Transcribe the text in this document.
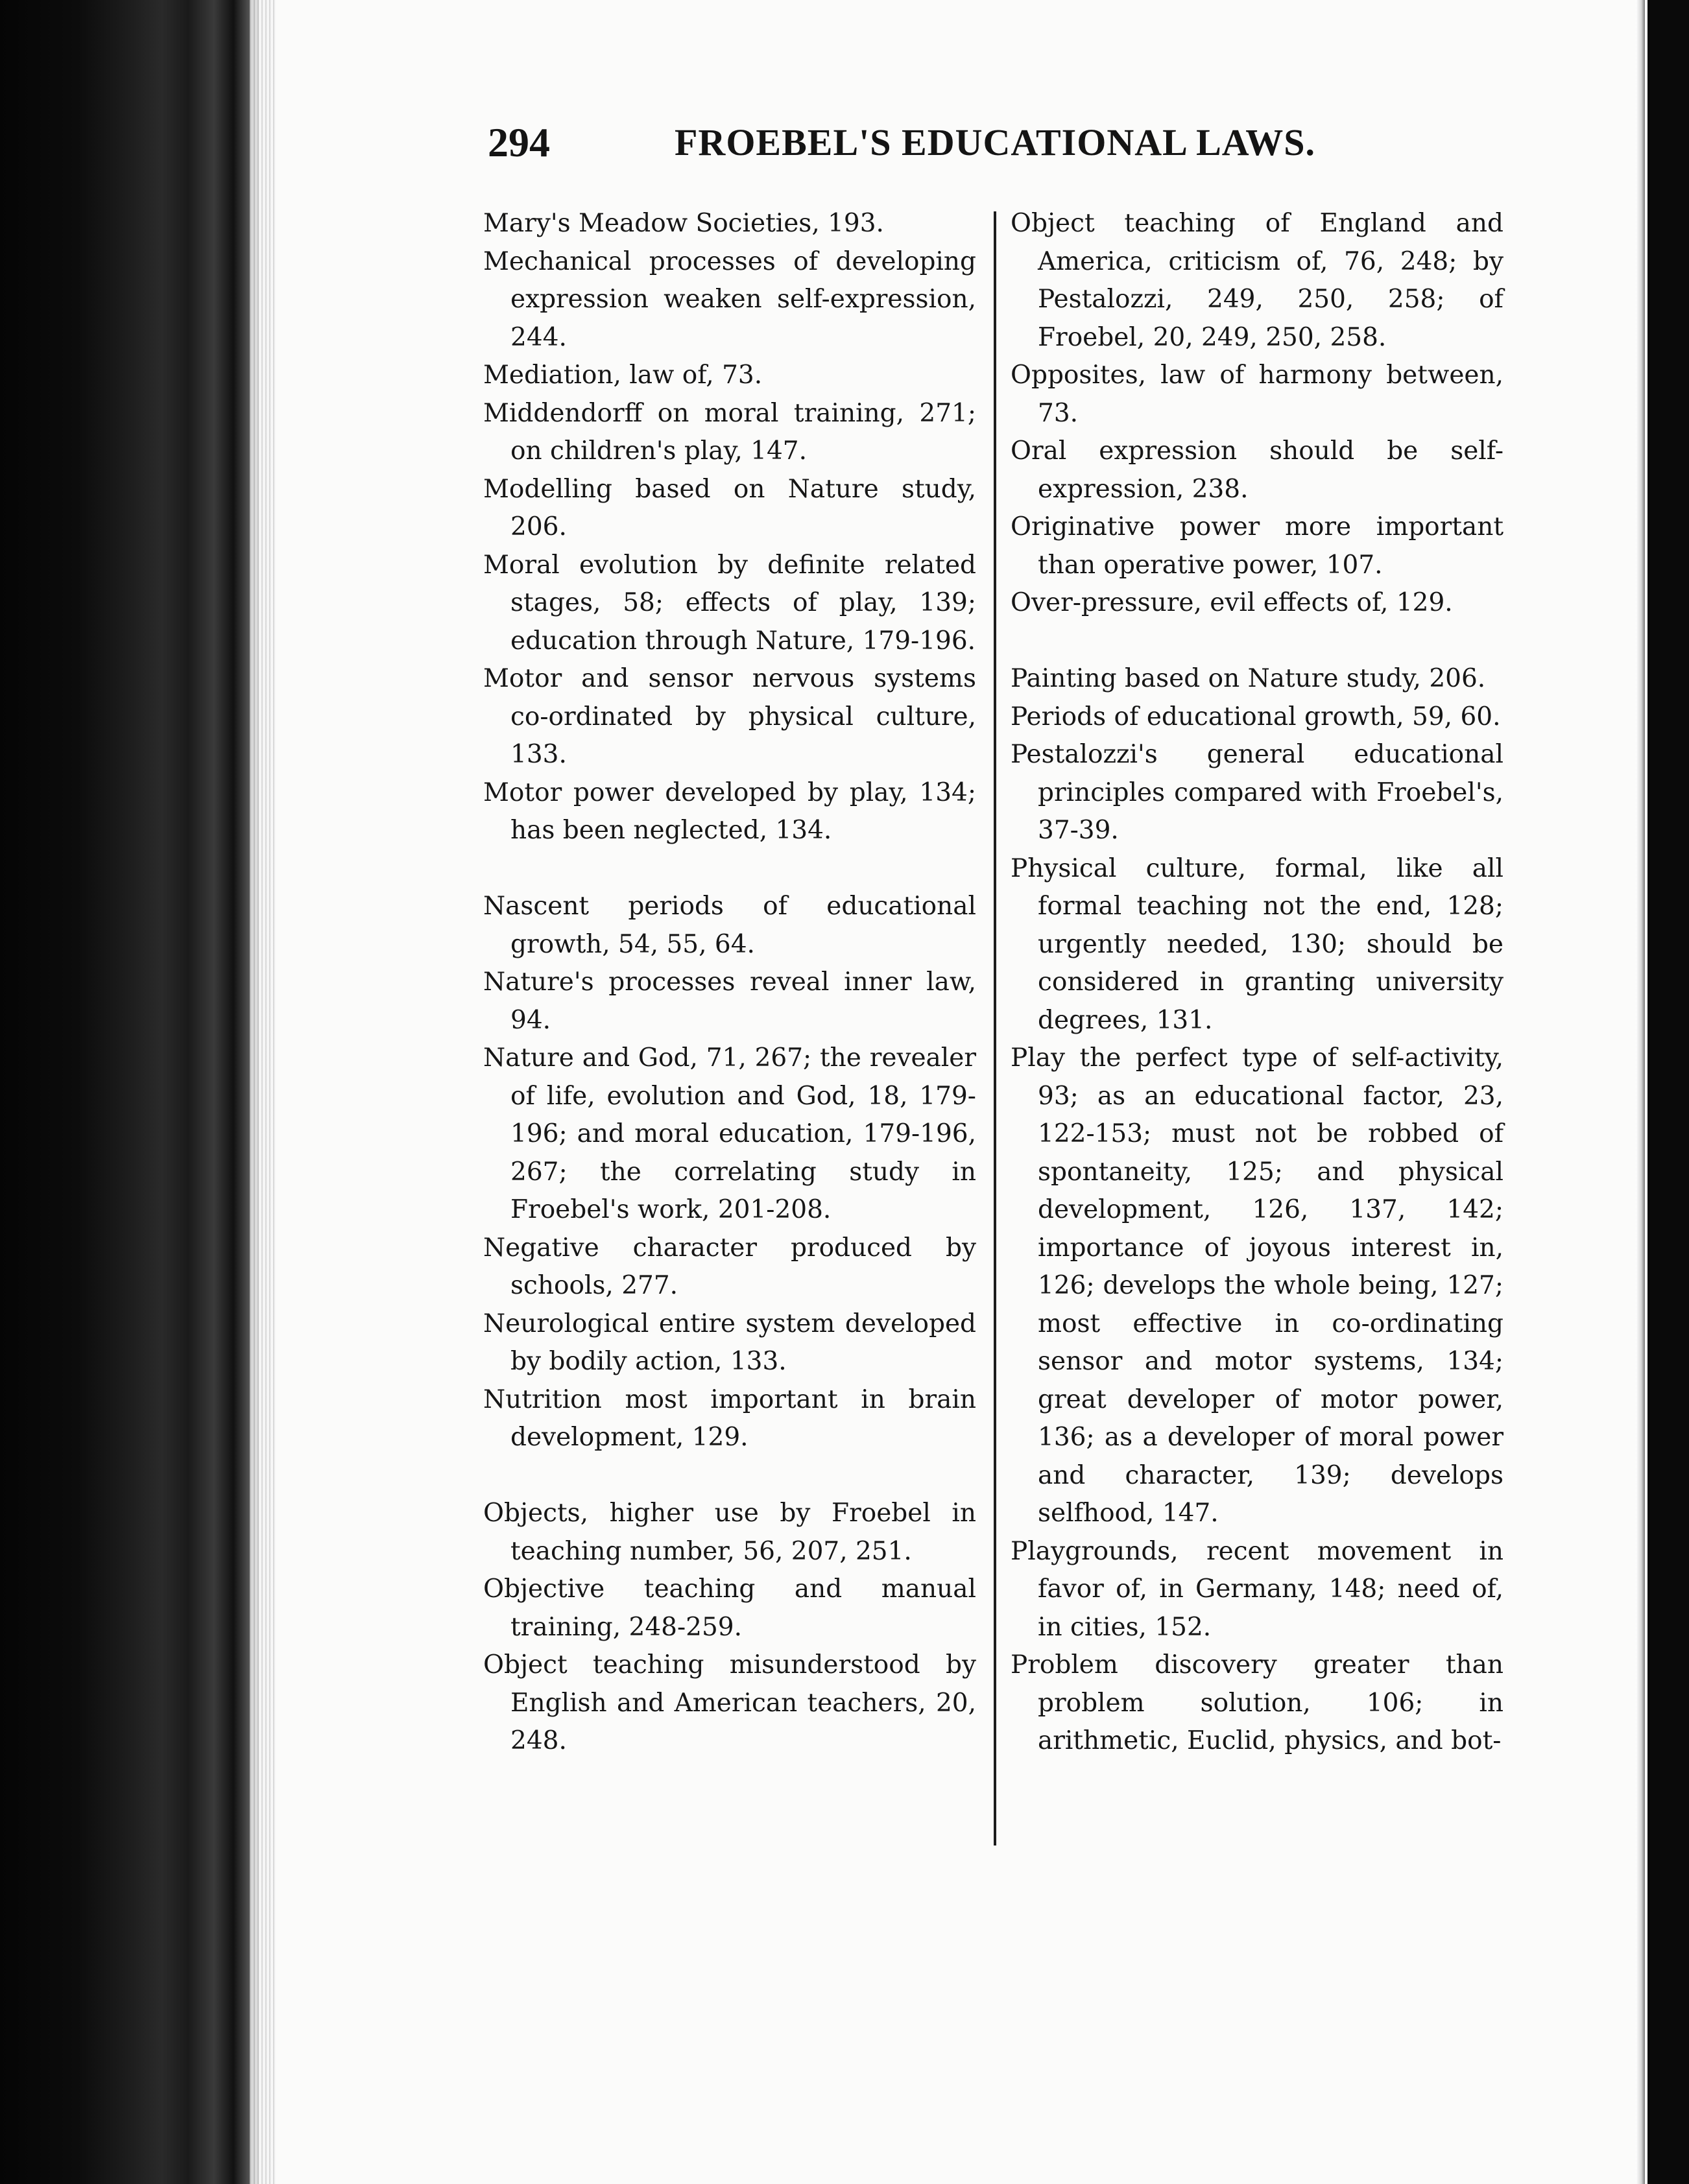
294	FROEBEL'S EDUCATIONAL LAWS.
Mary's Meadow Societies, 193.
Mechanical processes of developing expression weaken self-expression, 244.
Mediation, law of, 73.
Middendorff on moral training, 271; on children's play, 147.
Modelling based on Nature study, 206.
Moral evolution by definite related stages, 58; effects of play, 139; education through Nature, 179-196.
Motor and sensor nervous systems co-ordinated by physical culture, 133.
Motor power developed by play, 134; has been neglected, 134.
Nascent periods of educational growth, 54, 55, 64.
Nature's processes reveal inner law, 94.
Nature and God, 71, 267; the revealer of life, evolution and God, 18, 179-196; and moral education, 179-196, 267; the correlating study in Froebel's work, 201-208.
Negative character produced by schools, 277.
Neurological entire system developed by bodily action, 133.
Nutrition most important in brain development, 129.
Objects, higher use by Froebel in teaching number, 56, 207, 251.
Objective teaching and manual training, 248-259.
Object teaching misunderstood by English and American teachers, 20, 248.
Object teaching of England and America, criticism of, 76, 248; by Pestalozzi, 249, 250, 258; of Froebel, 20, 249, 250, 258.
Opposites, law of harmony between, 73.
Oral expression should be self-expression, 238.
Originative power more important than operative power, 107.
Over-pressure, evil effects of, 129.
Painting based on Nature study, 206.
Periods of educational growth, 59, 60.
Pestalozzi's general educational principles compared with Froebel's, 37-39.
Physical culture, formal, like all formal teaching not the end, 128; urgently needed, 130; should be considered in granting university degrees, 131.
Play the perfect type of self-activity, 93; as an educational factor, 23, 122-153; must not be robbed of spontaneity, 125; and physical development, 126, 137, 142; importance of joyous interest in, 126; develops the whole being, 127; most effective in co-ordinating sensor and motor systems, 134; great developer of motor power, 136; as a developer of moral power and character, 139; develops selfhood, 147.
Playgrounds, recent movement in favor of, in Germany, 148; need of, in cities, 152.
Problem discovery greater than problem solution, 106; in arithmetic, Euclid, physics, and bot-
